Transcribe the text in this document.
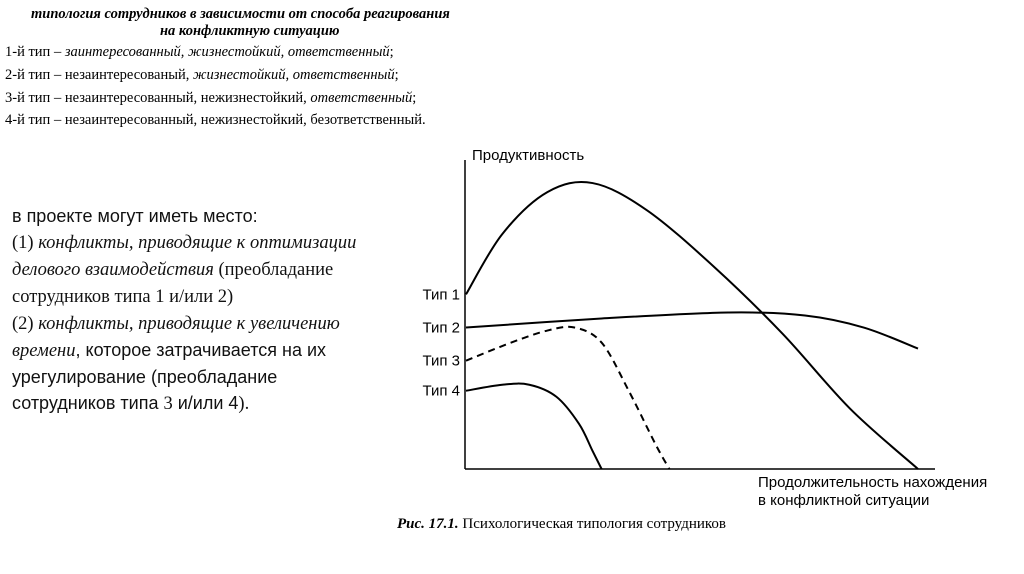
типология сотрудников в зависимости от способа реагирования
на конфликтную ситуацию
1-й тип – заинтересованный, жизнестойкий, ответственный;
2-й тип – незаинтересованый, жизнестойкий, ответственный;
3-й тип – незаинтересованный, нежизнестойкий, ответственный;
4-й тип – незаинтересованный, нежизнестойкий, безответственный.
в проекте могут иметь место:
(1) конфликты, приводящие к оптимизации делового взаимодействия (преобладание сотрудников типа 1 и/или 2)
(2) конфликты, приводящие к увеличению времени, которое затрачивается на их урегулирование (преобладание сотрудников типа 3 и/или 4).
Продуктивность
Продолжительность нахождения
в конфликтной ситуации
Тип 1
Тип 2
Тип 3
Тип 4
Рис. 17.1. Психологическая типология сотрудников
